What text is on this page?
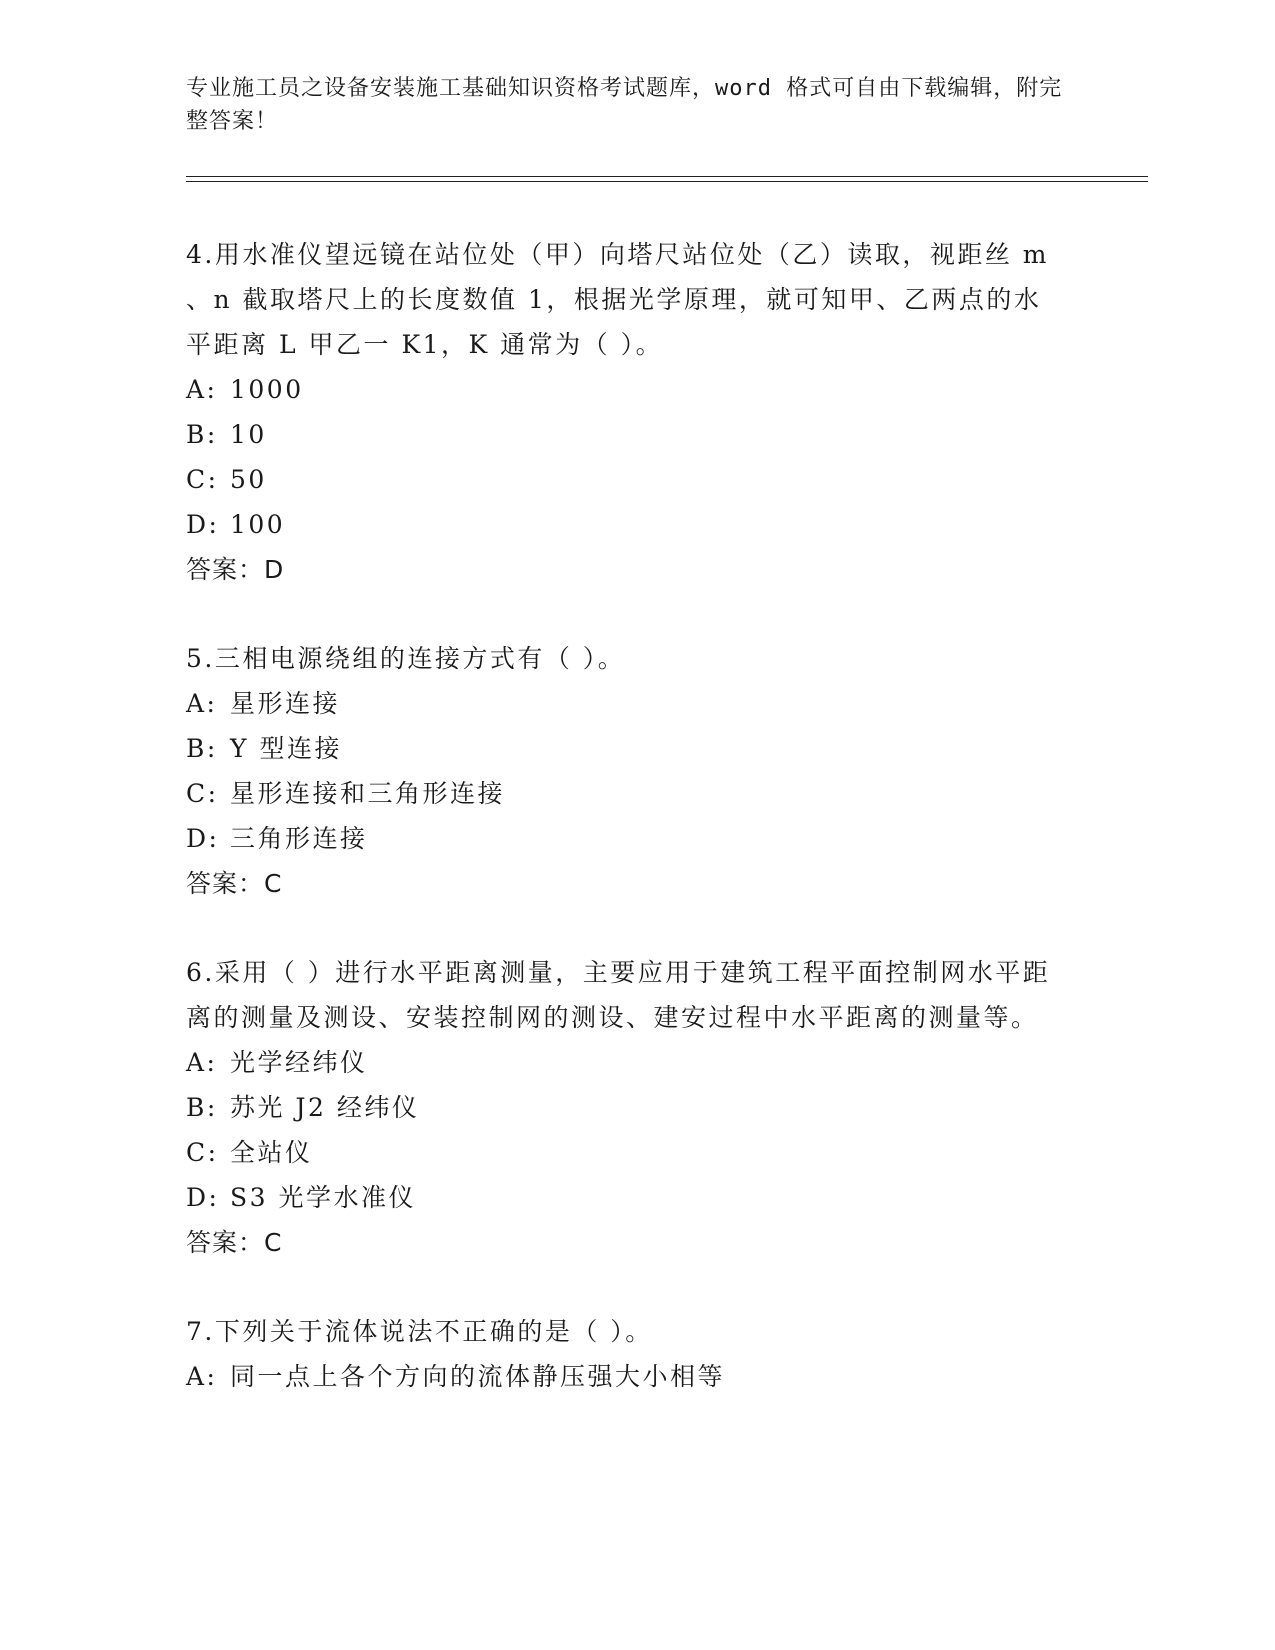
专业施工员之设备安装施工基础知识资格考试题库，word 格式可自由下载编辑，附完整答案！

4.用水准仪望远镜在站位处（甲）向塔尺站位处（乙）读取，视距丝 m 、n 截取塔尺上的长度数值 1，根据光学原理，就可知甲、乙两点的水平距离 L 甲乙一 K1，K 通常为（ ）。

A: 1000
B: 10
C: 50
D: 100
答案：D

5.三相电源绕组的连接方式有（ ）。

A: 星形连接
B: Y 型连接
C: 星形连接和三角形连接
D: 三角形连接
答案：C

6.采用（ ）进行水平距离测量，主要应用于建筑工程平面控制网水平距离的测量及测设、安装控制网的测设、建安过程中水平距离的测量等。

A: 光学经纬仪
B: 苏光 J2 经纬仪
C: 全站仪
D: S3 光学水准仪
答案：C

7.下列关于流体说法不正确的是（ ）。

A: 同一点上各个方向的流体静压强大小相等
